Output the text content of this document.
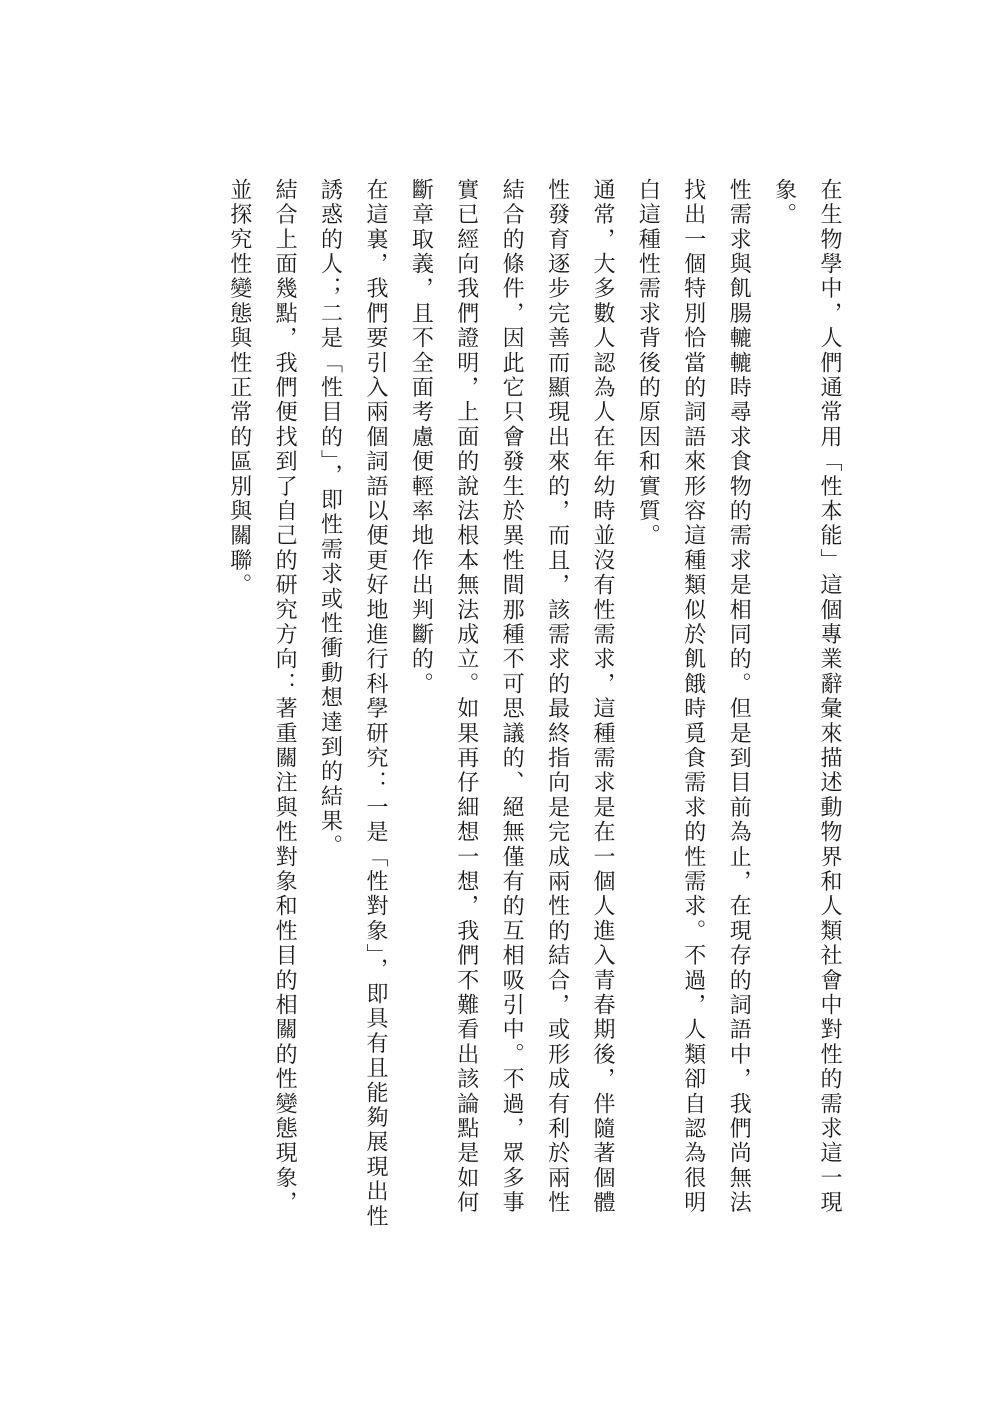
在生物學中，人們通常用「性本能」這個專業辭彙來描述動物界和人類社會中對性的需求這一現象。

性需求與飢腸轆轆時尋求食物的需求是相同的。但是到目前為止，在現存的詞語中，我們尚無法找出一個特別恰當的詞語來形容這種類似於飢餓時覓食需求的性需求。不過，人類卻自認為很明白這種性需求背後的原因和實質。

通常，大多數人認為人在年幼時並沒有性需求，這種需求是在一個人進入青春期後，伴隨著個體性發育逐步完善而顯現出來的，而且，該需求的最終指向是完成兩性的結合，或形成有利於兩性結合的條件，因此它只會發生於異性間那種不可思議的、絕無僅有的互相吸引中。不過，眾多事實已經向我們證明，上面的說法根本無法成立。如果再仔細想一想，我們不難看出該論點是如何斷章取義，且不全面考慮便輕率地作出判斷的。

在這裏，我們要引入兩個詞語以便更好地進行科學研究：一是「性對象」，即具有且能夠展現出性誘惑的人；二是「性目的」，即性需求或性衝動想達到的結果。

結合上面幾點，我們便找到了自己的研究方向：著重關注與性對象和性目的相關的性變態現象，並探究性變態與性正常的區別與關聯。
